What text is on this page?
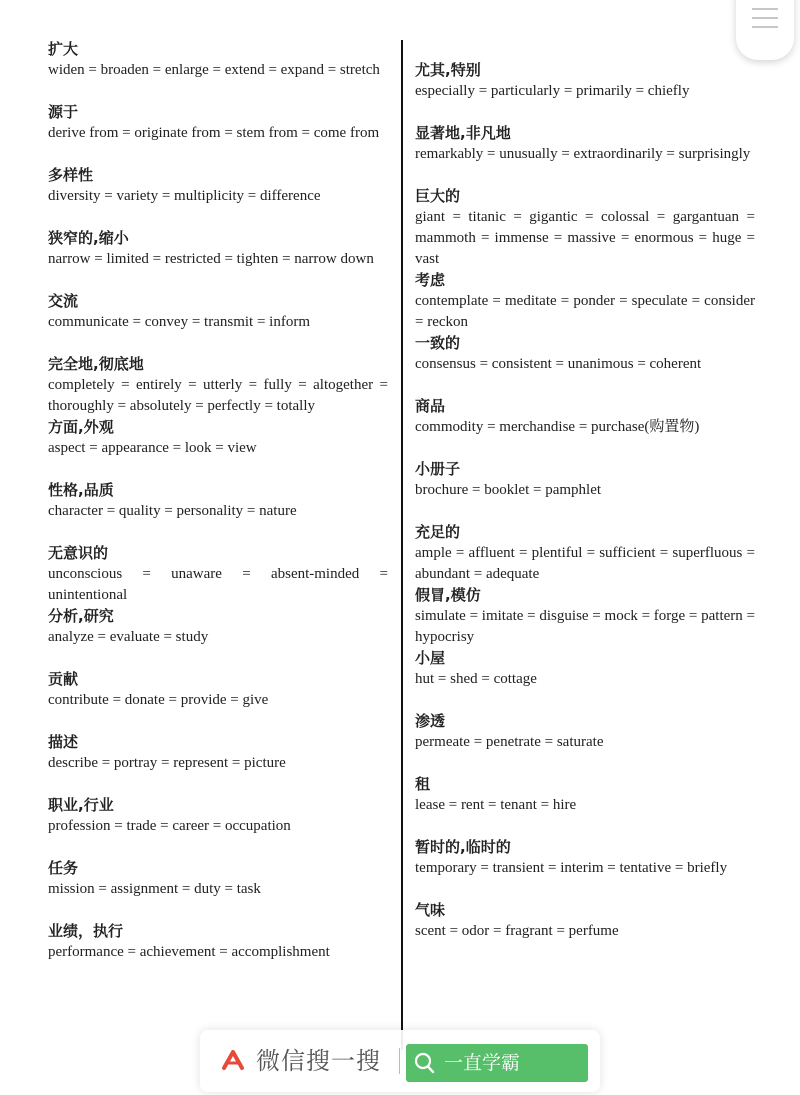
扩大

widen = broaden = enlarge = extend = expand = stretch

源于

derive from = originate from = stem from = come from

多样性

diversity = variety = multiplicity = difference

狭窄的,缩小

narrow = limited = restricted = tighten = narrow down

交流

communicate = convey = transmit = inform

完全地,彻底地

completely = entirely = utterly = fully = altogether = thoroughly = absolutely = perfectly = totally

方面,外观

aspect = appearance = look = view

性格,品质

character = quality = personality = nature

无意识的

unconscious = unaware = absent-minded = unintentional

分析,研究

analyze = evaluate = study

贡献

contribute = donate = provide = give

描述

describe = portray = represent = picture

职业,行业

profession = trade = career = occupation

任务

mission = assignment = duty = task

业绩，执行

performance = achievement = accomplishment

尤其,特别

especially = particularly = primarily = chiefly

显著地,非凡地

remarkably = unusually = extraordinarily = surprisingly

巨大的

giant = titanic = gigantic = colossal = gargantuan = mammoth = immense = massive = enormous = huge = vast

考虑

contemplate = meditate = ponder = speculate = consider = reckon

一致的

consensus = consistent = unanimous = coherent

商品

commodity = merchandise = purchase(购置物)

小册子

brochure = booklet = pamphlet

充足的

ample = affluent = plentiful = sufficient = superfluous = abundant = adequate

假冒,模仿

simulate = imitate = disguise = mock = forge = pattern = hypocrisy

小屋

hut = shed = cottage

渗透

permeate = penetrate = saturate

租

lease = rent = tenant = hire

暂时的,临时的

temporary = transient = interim = tentative = briefly

气味

scent = odor = fragrant = perfume

微信搜一搜	一直学霸
